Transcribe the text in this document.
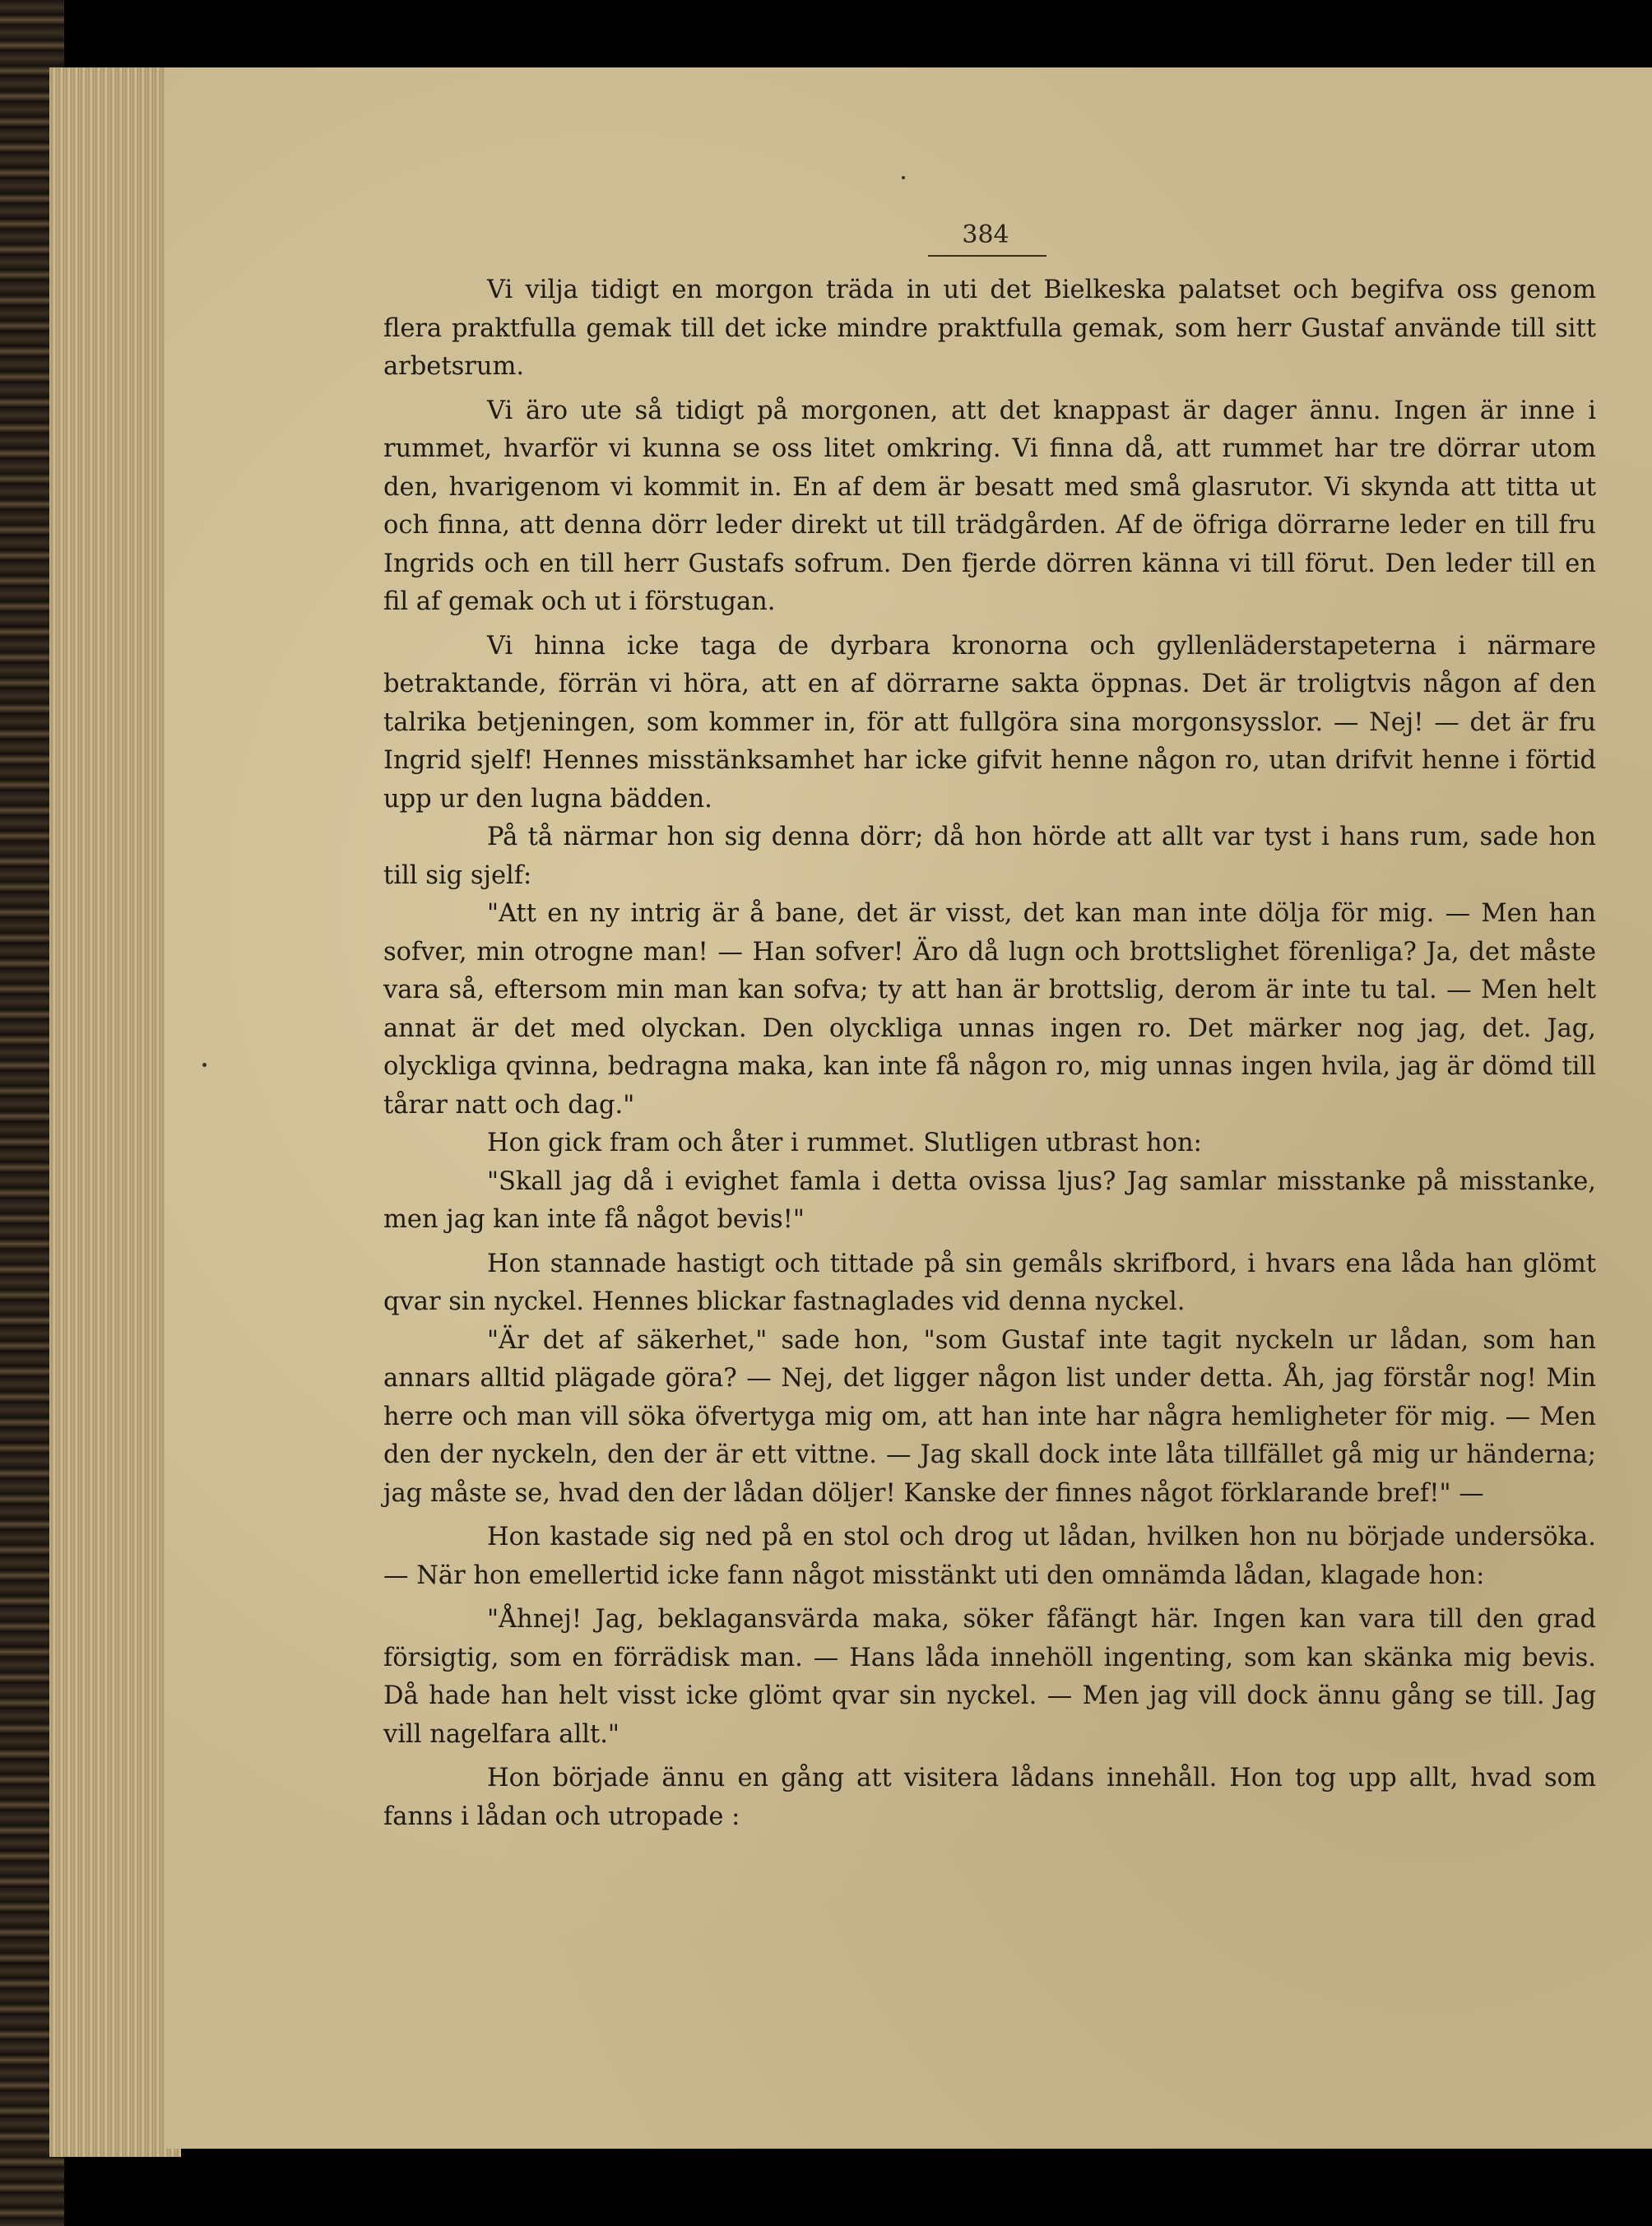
384

Vi vilja tidigt en morgon träda in uti det Bielkeska palatset och begifva oss genom flera praktfulla gemak till det icke mindre praktfulla gemak, som herr Gustaf använde till sitt arbetsrum.

Vi äro ute så tidigt på morgonen, att det knappast är dager ännu. Ingen är inne i rummet, hvarför vi kunna se oss litet omkring. Vi finna då, att rummet har tre dörrar utom den, hvarigenom vi kommit in. En af dem är besatt med små glasrutor. Vi skynda att titta ut och finna, att denna dörr leder direkt ut till trädgården. Af de öfriga dörrarne leder en till fru Ingrids och en till herr Gustafs sofrum. Den fjerde dörren känna vi till förut. Den leder till en fil af gemak och ut i förstugan.

Vi hinna icke taga de dyrbara kronorna och gyllenläderstapeterna i närmare betraktande, förrän vi höra, att en af dörrarne sakta öppnas. Det är troligtvis någon af den talrika betjeningen, som kommer in, för att fullgöra sina morgonsysslor. — Nej! — det är fru Ingrid sjelf! Hennes misstänksamhet har icke gifvit henne någon ro, utan drifvit henne i förtid upp ur den lugna bädden.

På tå närmar hon sig denna dörr; då hon hörde att allt var tyst i hans rum, sade hon till sig sjelf:

"Att en ny intrig är å bane, det är visst, det kan man inte dölja för mig. — Men han sofver, min otrogne man! — Han sofver! Äro då lugn och brottslighet förenliga? Ja, det måste vara så, eftersom min man kan sofva; ty att han är brottslig, derom är inte tu tal. — Men helt annat är det med olyckan. Den olyckliga unnas ingen ro. Det märker nog jag, det. Jag, olyckliga qvinna, bedragna maka, kan inte få någon ro, mig unnas ingen hvila, jag är dömd till tårar natt och dag."

Hon gick fram och åter i rummet. Slutligen utbrast hon:

"Skall jag då i evighet famla i detta ovissa ljus? Jag samlar misstanke på misstanke, men jag kan inte få något bevis!"

Hon stannade hastigt och tittade på sin gemåls skrifbord, i hvars ena låda han glömt qvar sin nyckel. Hennes blickar fastnaglades vid denna nyckel.

"Är det af säkerhet," sade hon, "som Gustaf inte tagit nyckeln ur lådan, som han annars alltid plägade göra? — Nej, det ligger någon list under detta. Åh, jag förstår nog! Min herre och man vill söka öfvertyga mig om, att han inte har några hemligheter för mig. — Men den der nyckeln, den der är ett vittne. — Jag skall dock inte låta tillfället gå mig ur händerna; jag måste se, hvad den der lådan döljer! Kanske der finnes något förklarande bref!" —

Hon kastade sig ned på en stol och drog ut lådan, hvilken hon nu började undersöka. — När hon emellertid icke fann något misstänkt uti den omnämda lådan, klagade hon:

"Åhnej! Jag, beklagansvärda maka, söker fåfängt här. Ingen kan vara till den grad försigtig, som en förrädisk man. — Hans låda innehöll ingenting, som kan skänka mig bevis. Då hade han helt visst icke glömt qvar sin nyckel. — Men jag vill dock ännu gång se till. Jag vill nagelfara allt."

Hon började ännu en gång att visitera lådans innehåll. Hon tog upp allt, hvad som fanns i lådan och utropade :
